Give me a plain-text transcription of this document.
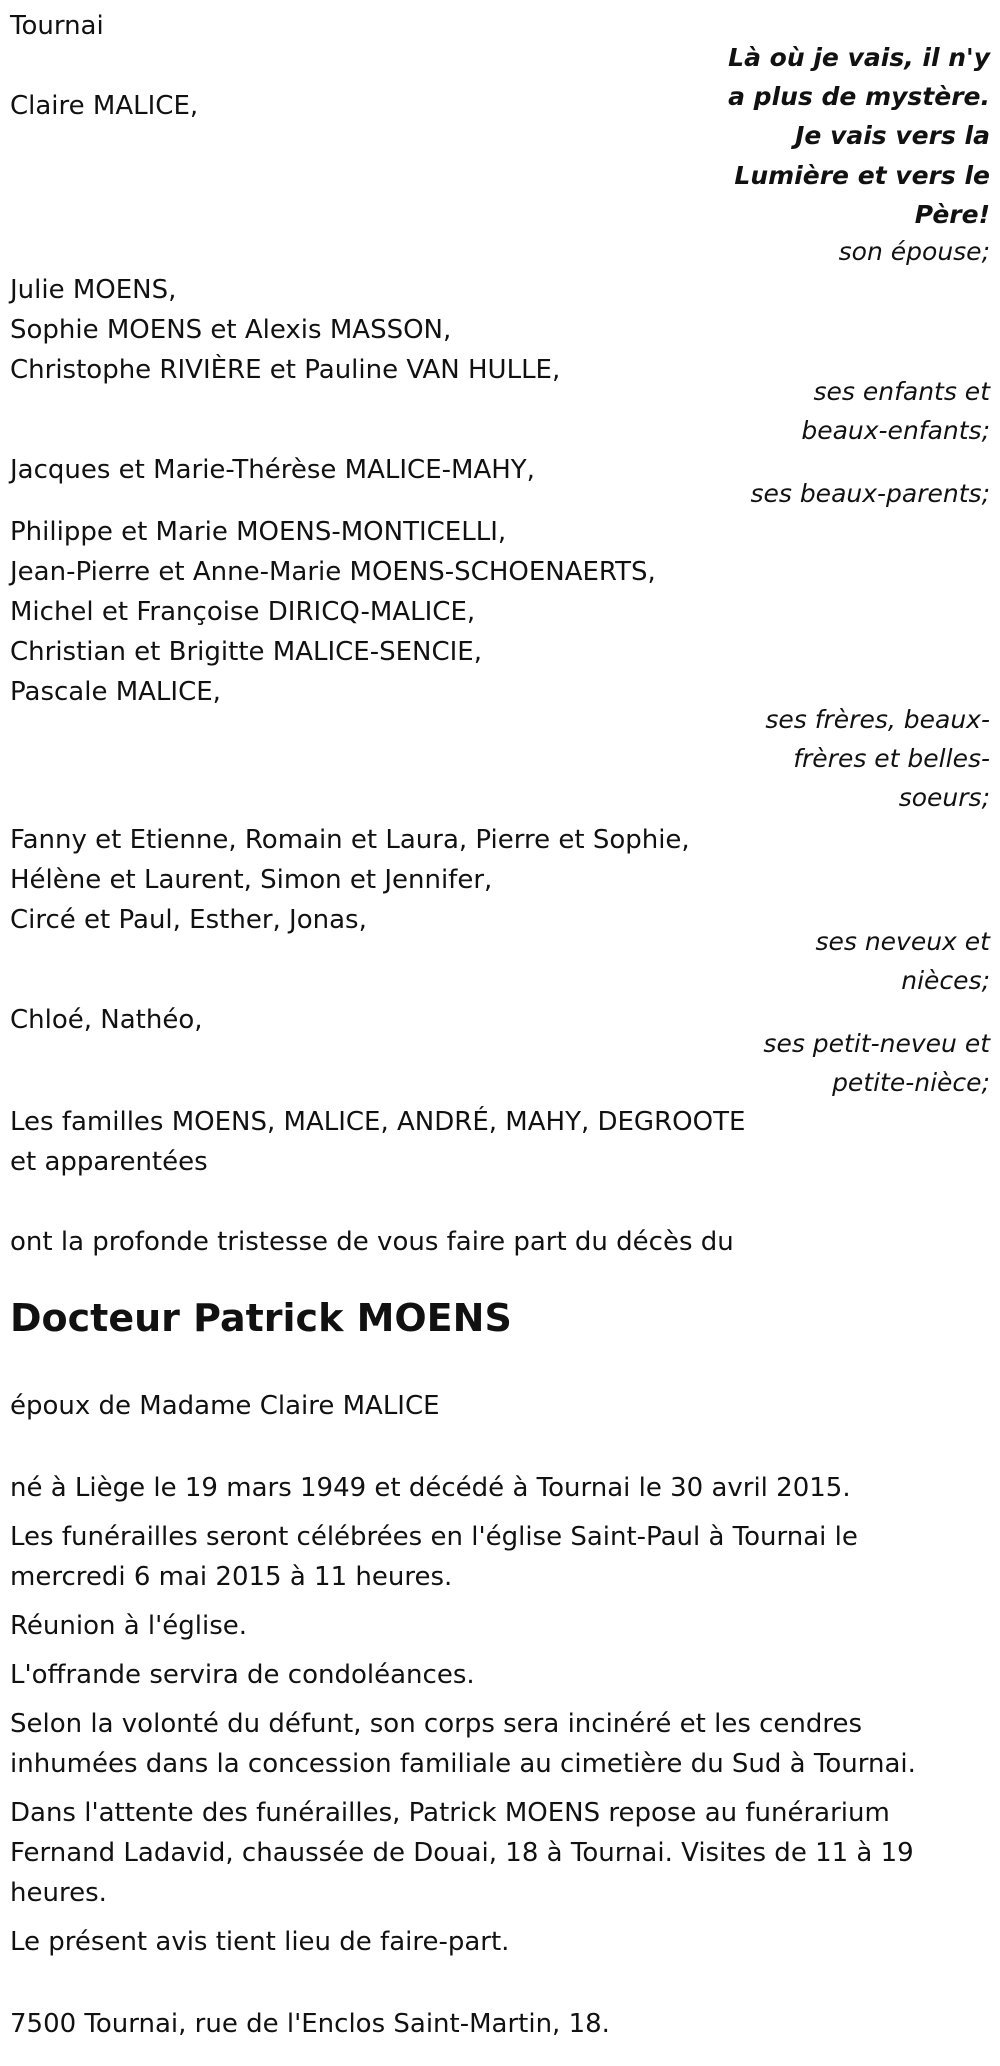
Tournai

Là où je vais, il n'y

a plus de mystère.

Je vais vers la

Lumière et vers le

Père!

Claire MALICE,

son épouse;

Julie MOENS,

Sophie MOENS et Alexis MASSON,

Christophe RIVIÈRE et Pauline VAN HULLE,

ses enfants et

beaux-enfants;

Jacques et Marie-Thérèse MALICE-MAHY,

ses beaux-parents;

Philippe et Marie MOENS-MONTICELLI,

Jean-Pierre et Anne-Marie MOENS-SCHOENAERTS,

Michel et Françoise DIRICQ-MALICE,

Christian et Brigitte MALICE-SENCIE,

Pascale MALICE,

ses frères, beaux-

frères et belles-

soeurs;

Fanny et Etienne, Romain et Laura, Pierre et Sophie,

Hélène et Laurent, Simon et Jennifer,

Circé et Paul, Esther, Jonas,

ses neveux et

nièces;

Chloé, Nathéo,

ses petit-neveu et

petite-nièce;

Les familles MOENS, MALICE, ANDRÉ, MAHY, DEGROOTE

et apparentées

ont la profonde tristesse de vous faire part du décès du

Docteur Patrick MOENS

époux de Madame Claire MALICE

né à Liège le 19 mars 1949 et décédé à Tournai le 30 avril 2015.

Les funérailles seront célébrées en l'église Saint-Paul à Tournai le

mercredi 6 mai 2015 à 11 heures.

Réunion à l'église.

L'offrande servira de condoléances.

Selon la volonté du défunt, son corps sera incinéré et les cendres

inhumées dans la concession familiale au cimetière du Sud à Tournai.

Dans l'attente des funérailles, Patrick MOENS repose au funérarium

Fernand Ladavid, chaussée de Douai, 18 à Tournai. Visites de 11 à 19

heures.

Le présent avis tient lieu de faire-part.

7500 Tournai, rue de l'Enclos Saint-Martin, 18.
